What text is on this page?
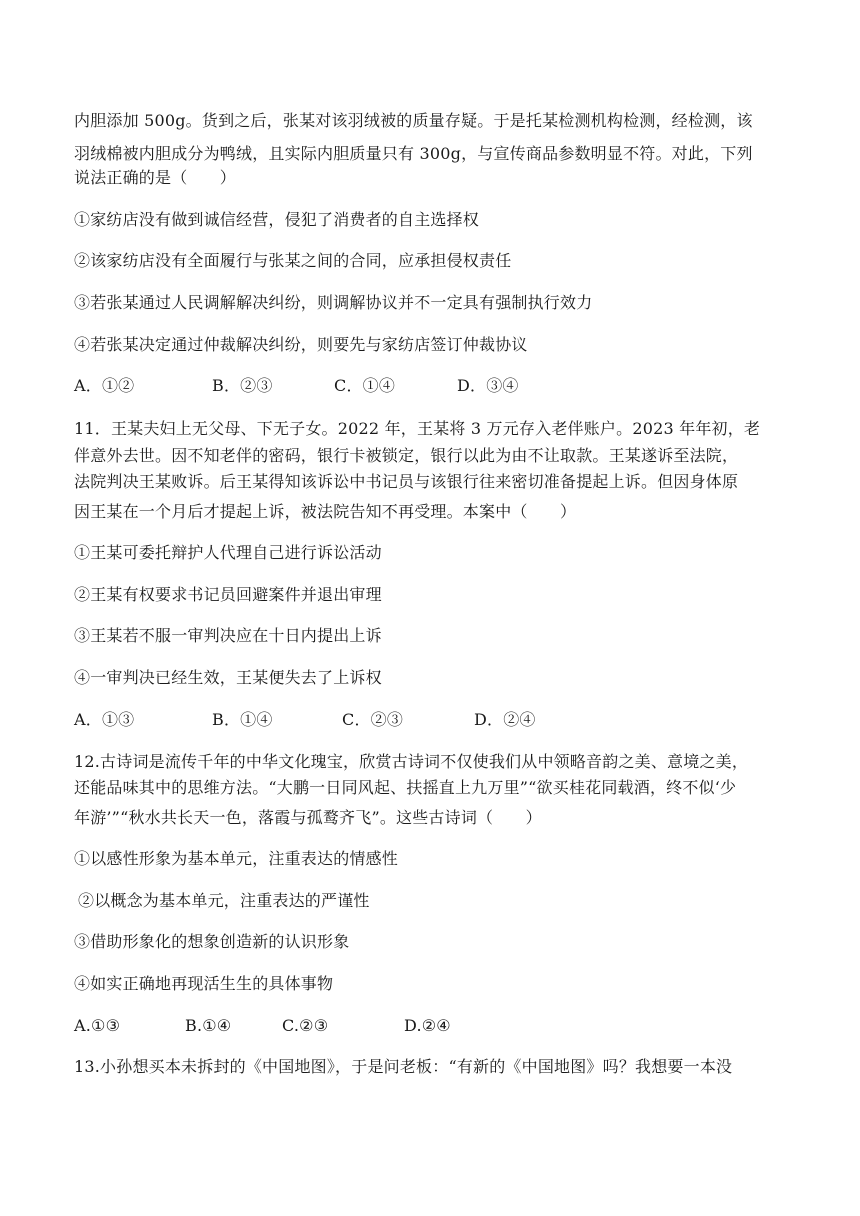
内胆添加 500g。货到之后，张某对该羽绒被的质量存疑。于是托某检测机构检测，经检测，该
羽绒棉被内胆成分为鸭绒，且实际内胆质量只有 300g，与宣传商品参数明显不符。对此，下列
说法正确的是（　　）
①家纺店没有做到诚信经营，侵犯了消费者的自主选择权
②该家纺店没有全面履行与张某之间的合同，应承担侵权责任
③若张某通过人民调解解决纠纷，则调解协议并不一定具有强制执行效力
④若张某决定通过仲裁解决纠纷，则要先与家纺店签订仲裁协议
A．①②	B．②③	C．①④	D．③④
11．王某夫妇上无父母、下无子女。2022 年，王某将 3 万元存入老伴账户。2023 年年初，老
伴意外去世。因不知老伴的密码，银行卡被锁定，银行以此为由不让取款。王某遂诉至法院，
法院判决王某败诉。后王某得知该诉讼中书记员与该银行往来密切准备提起上诉。但因身体原
因王某在一个月后才提起上诉，被法院告知不再受理。本案中（　　）
①王某可委托辩护人代理自己进行诉讼活动
②王某有权要求书记员回避案件并退出审理
③王某若不服一审判决应在十日内提出上诉
④一审判决已经生效，王某便失去了上诉权
A．①③	B．①④	C．②③	D．②④
12.古诗词是流传千年的中华文化瑰宝，欣赏古诗词不仅使我们从中领略音韵之美、意境之美，
还能品味其中的思维方法。“大鹏一日同风起、扶摇直上九万里”“欲买桂花同载酒，终不似‘少
年游’”“秋水共长天一色，落霞与孤鹜齐飞”。这些古诗词（　　）
①以感性形象为基本单元，注重表达的情感性
②以概念为基本单元，注重表达的严谨性
③借助形象化的想象创造新的认识形象
④如实正确地再现活生生的具体事物
A.①③	B.①④	C.②③	D.②④
13.小孙想买本未拆封的《中国地图》，于是问老板：“有新的《中国地图》吗？我想要一本没
